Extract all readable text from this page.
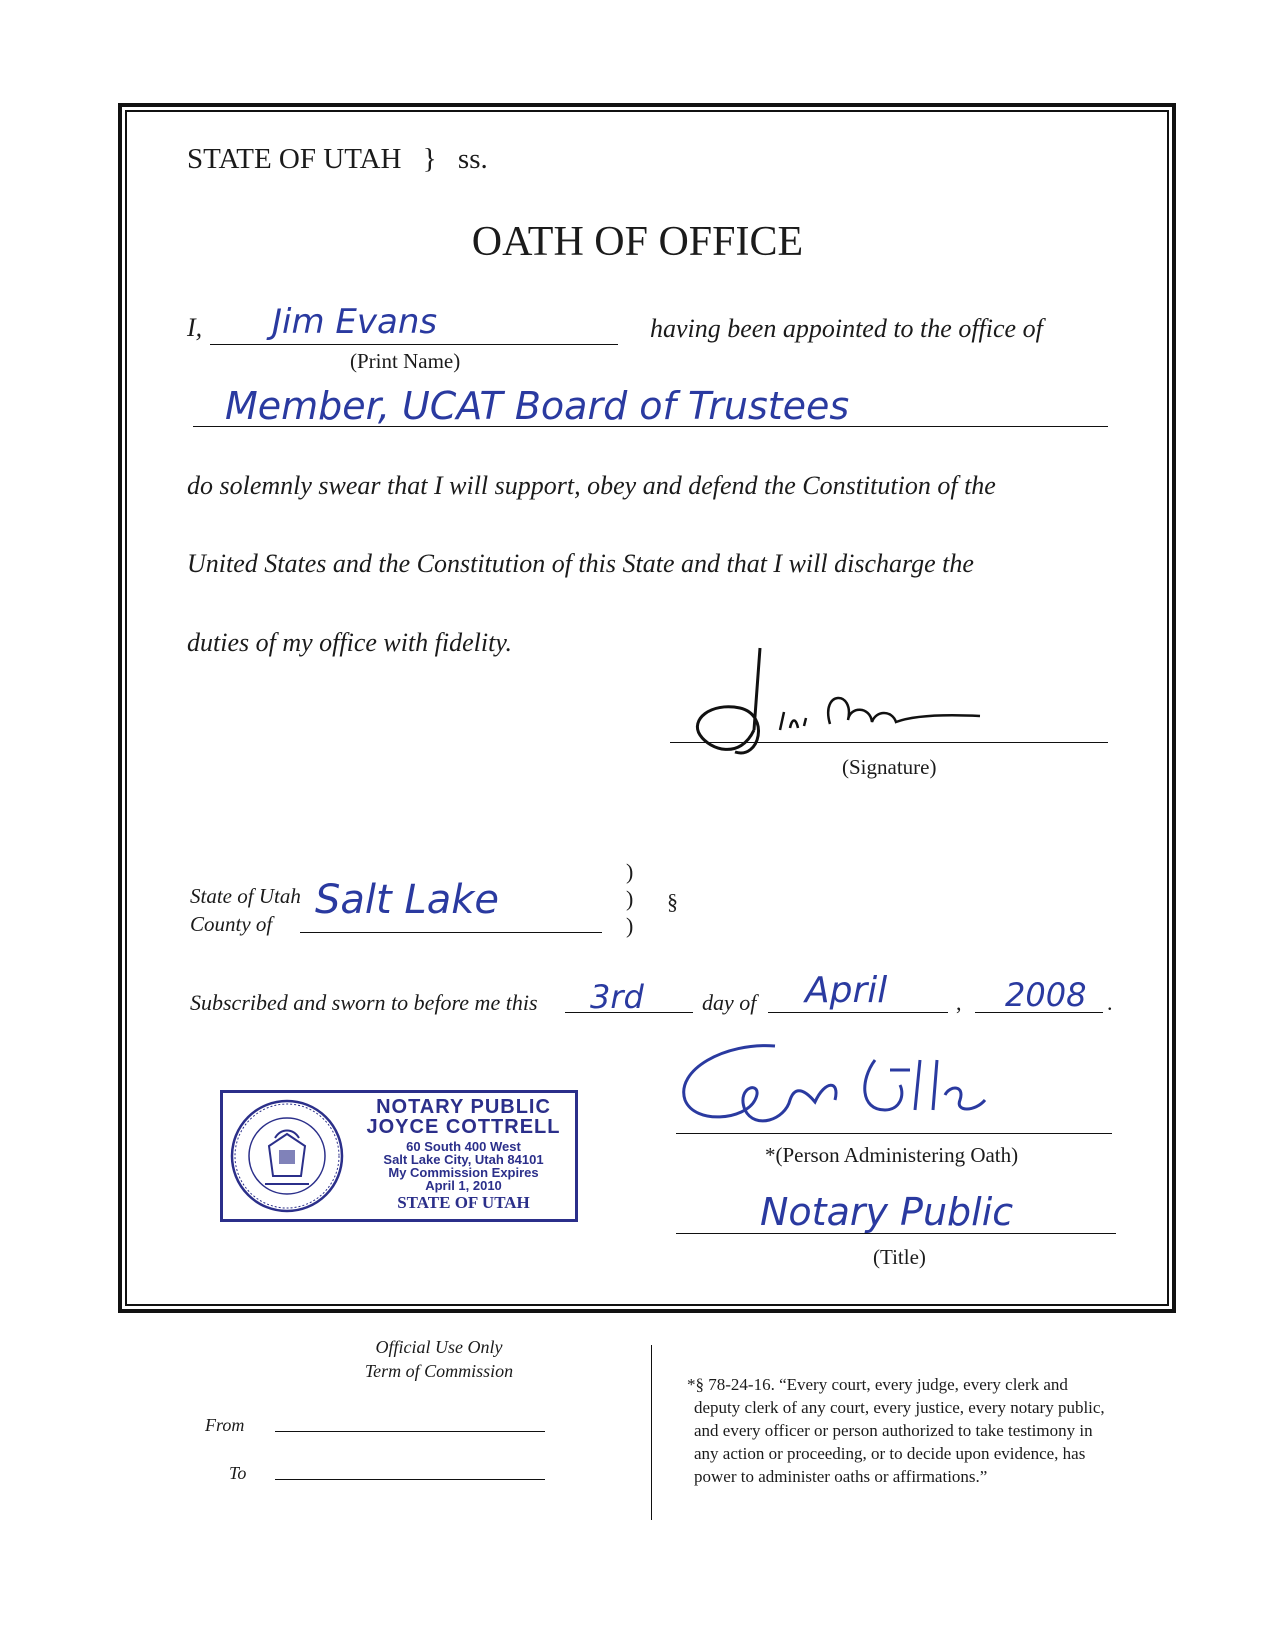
STATE OF UTAH } ss.
OATH OF OFFICE
I, Jim Evans
(Print Name)
having been appointed to the office of
Member, UCAT Board of Trustees
do solemnly swear that I will support, obey and defend the Constitution of the
United States and the Constitution of this State and that I will discharge the
duties of my office with fidelity.
(Signature)
State of Utah
County of
Salt Lake
)
)
)
§
Subscribed and sworn to before me this 3rd	day of April	, 2008 .
NOTARY PUBLIC
JOYCE COTTRELL
60 South 400 West
Salt Lake City, Utah 84101
My Commission Expires
April 1, 2010
STATE OF UTAH
*(Person Administering Oath)
Notary Public
(Title)
Official Use Only
Term of Commission
From
To
*§ 78-24-16. “Every court, every judge, every clerk and
deputy clerk of any court, every justice, every notary public,
and every officer or person authorized to take testimony in
any action or proceeding, or to decide upon evidence, has
power to administer oaths or affirmations.”
